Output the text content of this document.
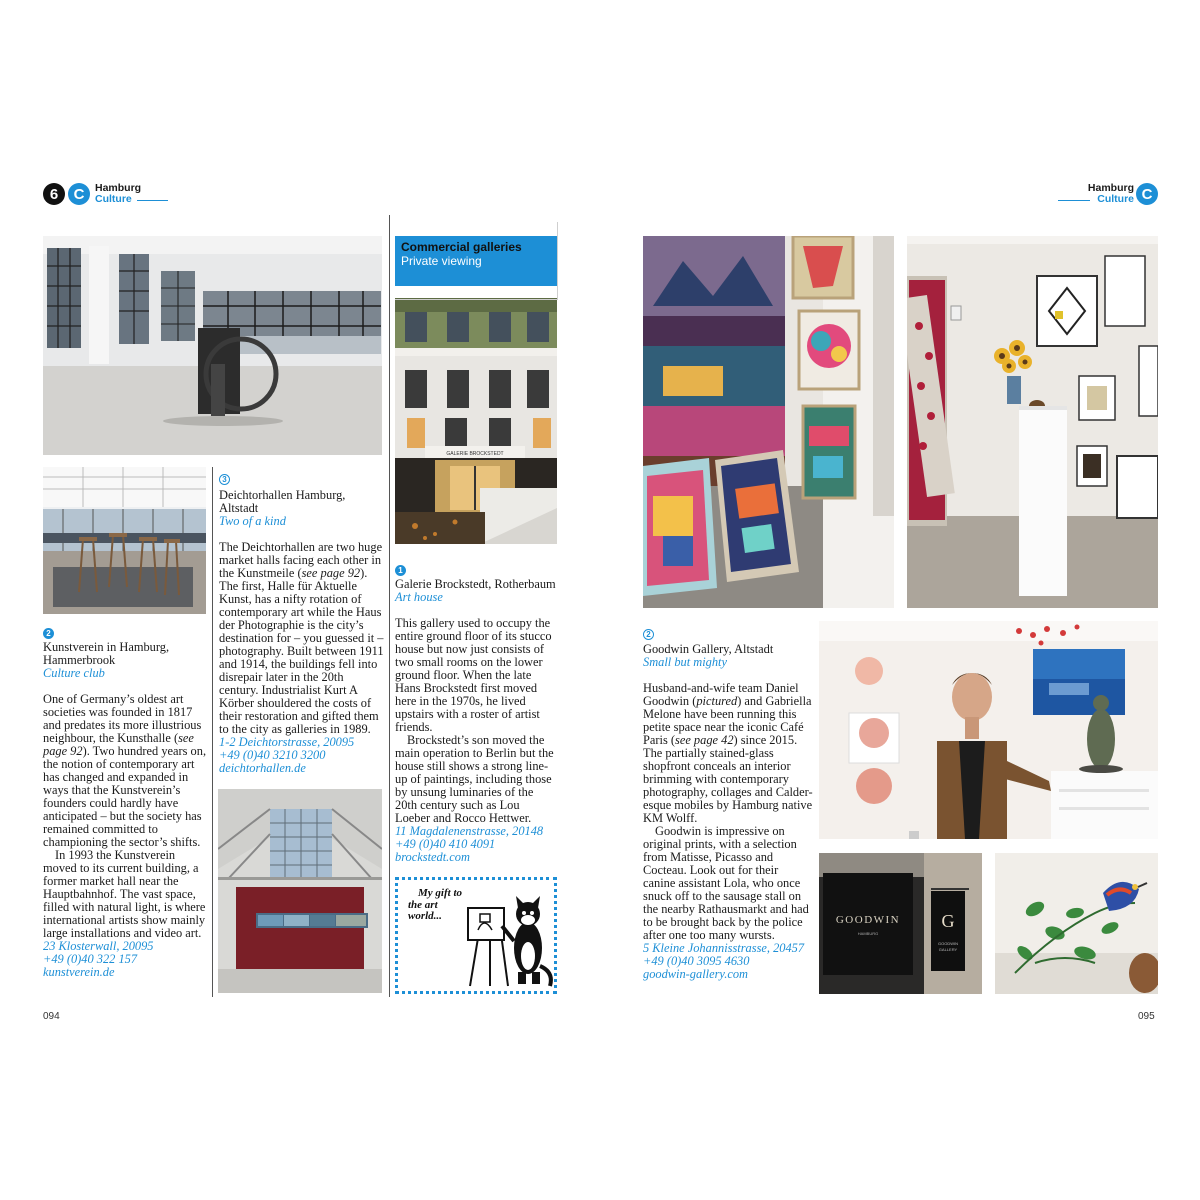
6 C Hamburg
Culture
Hamburg
Culture C
GALERIE BROCKSTEDT
Commercial galleries
Private viewing
2
Kunstverein in Hamburg, Hammerbrook
Culture club

One of Germany’s oldest art societies was founded in 1817 and predates its more illustrious neighbour, the Kunsthalle (see page 92). Two hundred years on, the notion of contemporary art has changed and expanded in ways that the Kunstverein’s founders could hardly have anticipated – but the society has remained committed to championing the sector’s shifts.

In 1993 the Kunstverein moved to its current building, a former market hall near the Hauptbahnhof. The vast space, filled with natural light, is where international artists show mainly large installations and video art.

23 Klosterwall, 20095
+49 (0)40 322 157
kunstverein.de
3
Deichtorhallen Hamburg, Altstadt
Two of a kind

The Deichtorhallen are two huge market halls facing each other in the Kunstmeile (see page 92). The first, Halle für Aktuelle Kunst, has a nifty rotation of contemporary art while the Haus der Photographie is the city’s destination for – you guessed it – photography. Built between 1911 and 1914, the buildings fell into disrepair later in the 20th century. Industrialist Kurt A Körber shouldered the costs of their restoration and gifted them to the city as galleries in 1989.

1-2 Deichtorstrasse, 20095
+49 (0)40 3210 3200
deichtorhallen.de
1
Galerie Brockstedt, Rotherbaum
Art house

This gallery used to occupy the entire ground floor of its stucco house but now just consists of two small rooms on the lower ground floor. When the late Hans Brockstedt first moved here in the 1970s, he lived upstairs with a roster of artist friends.

Brockstedt’s son moved the main operation to Berlin but the house still shows a strong line-up of paintings, including those by unsung luminaries of the 20th century such as Lou Loeber and Rocco Hettwer.

11 Magdalenenstrasse, 20148
+49 (0)40 410 4091
brockstedt.com
My gift to
the art
world...	GOODWIN
HAMBURG
G
GOODWIN
GALLERY
2
Goodwin Gallery, Altstadt
Small but mighty

Husband-and-wife team Daniel Goodwin (pictured) and Gabriella Melone have been running this petite space near the iconic Café Paris (see page 42) since 2015. The partially stained-glass shopfront conceals an interior brimming with contemporary photography, collages and Calder-esque mobiles by Hamburg native KM Wolff.

Goodwin is impressive on original prints, with a selection from Matisse, Picasso and Cocteau. Look out for their canine assistant Lola, who once snuck off to the sausage stall on the nearby Rathausmarkt and had to be brought back by the police after one too many wursts.

5 Kleine Johannisstrasse, 20457
+49 (0)40 3095 4630
goodwin-gallery.com
094	095
